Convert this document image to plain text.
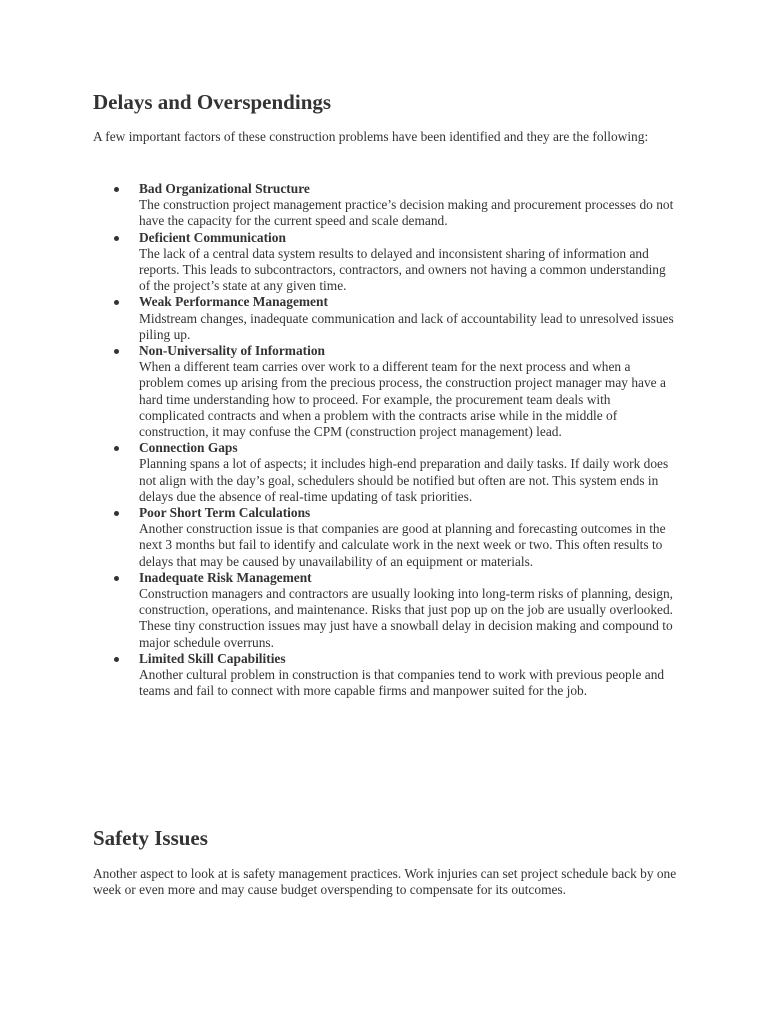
Delays and Overspendings

A few important factors of these construction problems have been identified and they are the following:

Bad Organizational Structure
The construction project management practice’s decision making and procurement processes do not have the capacity for the current speed and scale demand.
Deficient Communication
The lack of a central data system results to delayed and inconsistent sharing of information and reports. This leads to subcontractors, contractors, and owners not having a common understanding of the project’s state at any given time.
Weak Performance Management
Midstream changes, inadequate communication and lack of accountability lead to unresolved issues piling up.
Non-Universality of Information
When a different team carries over work to a different team for the next process and when a problem comes up arising from the precious process, the construction project manager may have a hard time understanding how to proceed. For example, the procurement team deals with complicated contracts and when a problem with the contracts arise while in the middle of construction, it may confuse the CPM (construction project management) lead.
Connection Gaps
Planning spans a lot of aspects; it includes high-end preparation and daily tasks. If daily work does not align with the day’s goal, schedulers should be notified but often are not. This system ends in delays due the absence of real-time updating of task priorities.
Poor Short Term Calculations
Another construction issue is that companies are good at planning and forecasting outcomes in the next 3 months but fail to identify and calculate work in the next week or two. This often results to delays that may be caused by unavailability of an equipment or materials.
Inadequate Risk Management
Construction managers and contractors are usually looking into long-term risks of planning, design, construction, operations, and maintenance. Risks that just pop up on the job are usually overlooked. These tiny construction issues may just have a snowball delay in decision making and compound to major schedule overruns.
Limited Skill Capabilities
Another cultural problem in construction is that companies tend to work with previous people and teams and fail to connect with more capable firms and manpower suited for the job.
Safety Issues

Another aspect to look at is safety management practices. Work injuries can set project schedule back by one week or even more and may cause budget overspending to compensate for its outcomes.
